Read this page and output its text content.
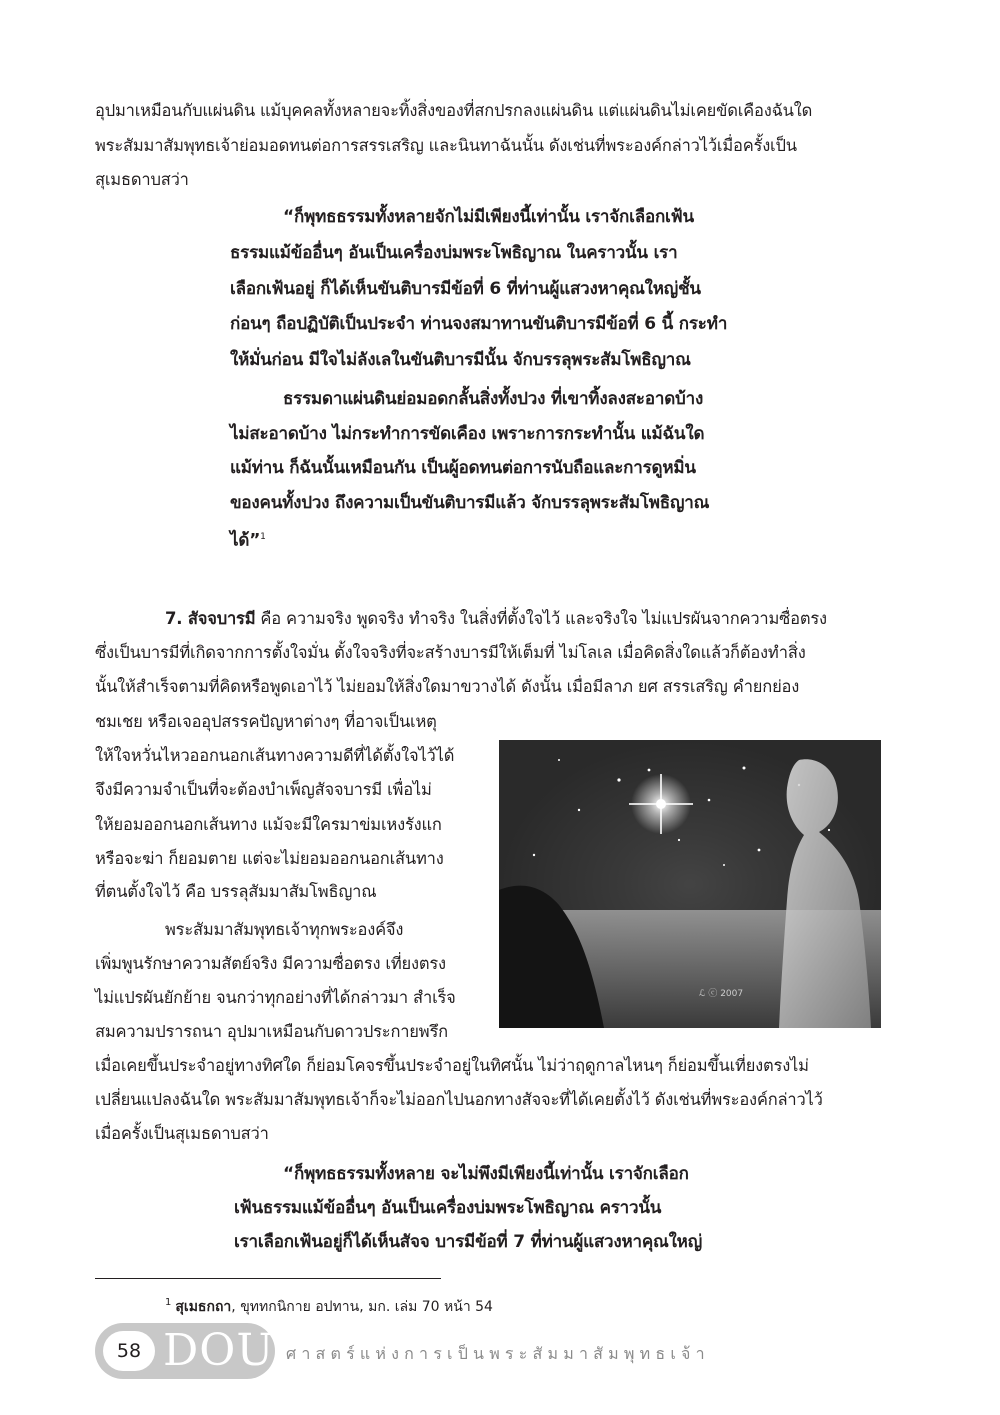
อุปมาเหมือนกับแผ่นดิน แม้บุคคลทั้งหลายจะทิ้งสิ่งของที่สกปรกลงแผ่นดิน แต่แผ่นดินไม่เคยขัดเคืองฉันใด
พระสัมมาสัมพุทธเจ้าย่อมอดทนต่อการสรรเสริญ และนินทาฉันนั้น ดังเช่นที่พระองค์กล่าวไว้เมื่อครั้งเป็น
สุเมธดาบสว่า
“ก็พุทธธรรมทั้งหลายจักไม่มีเพียงนี้เท่านั้น เราจักเลือกเฟ้น
ธรรมแม้ข้ออื่นๆ อันเป็นเครื่องบ่มพระโพธิญาณ ในคราวนั้น เรา
เลือกเฟ้นอยู่ ก็ได้เห็นขันติบารมีข้อที่ 6 ที่ท่านผู้แสวงหาคุณใหญ่ชั้น
ก่อนๆ ถือปฏิบัติเป็นประจำ ท่านจงสมาทานขันติบารมีข้อที่ 6 นี้ กระทำ
ให้มั่นก่อน มีใจไม่ลังเลในขันติบารมีนั้น จักบรรลุพระสัมโพธิญาณ
ธรรมดาแผ่นดินย่อมอดกลั้นสิ่งทั้งปวง ที่เขาทิ้งลงสะอาดบ้าง
ไม่สะอาดบ้าง ไม่กระทำการขัดเคือง เพราะการกระทำนั้น แม้ฉันใด
แม้ท่าน ก็ฉันนั้นเหมือนกัน เป็นผู้อดทนต่อการนับถือและการดูหมิ่น
ของคนทั้งปวง ถึงความเป็นขันติบารมีแล้ว จักบรรลุพระสัมโพธิญาณ
ได้”$^1$
7. สัจจบารมี คือ ความจริง พูดจริง ทำจริง ในสิ่งที่ตั้งใจไว้ และจริงใจ ไม่แปรผันจากความซื่อตรง
ซึ่งเป็นบารมีที่เกิดจากการตั้งใจมั่น ตั้งใจจริงที่จะสร้างบารมีให้เต็มที่ ไม่โลเล เมื่อคิดสิ่งใดแล้วก็ต้องทำสิ่ง
นั้นให้สำเร็จตามที่คิดหรือพูดเอาไว้ ไม่ยอมให้สิ่งใดมาขวางได้ ดังนั้น เมื่อมีลาภ ยศ สรรเสริญ คำยกย่อง
ชมเชย หรือเจออุปสรรคปัญหาต่างๆ ที่อาจเป็นเหตุ
ให้ใจหวั่นไหวออกนอกเส้นทางความดีที่ได้ตั้งใจไว้ได้
จึงมีความจำเป็นที่จะต้องบำเพ็ญสัจจบารมี เพื่อไม่
ให้ยอมออกนอกเส้นทาง แม้จะมีใครมาข่มเหงรังแก
หรือจะฆ่า ก็ยอมตาย แต่จะไม่ยอมออกนอกเส้นทาง
ที่ตนตั้งใจไว้ คือ บรรลุสัมมาสัมโพธิญาณ
พระสัมมาสัมพุทธเจ้าทุกพระองค์จึง
เพิ่มพูนรักษาความสัตย์จริง มีความซื่อตรง เที่ยงตรง
ไม่แปรผันยักย้าย จนกว่าทุกอย่างที่ได้กล่าวมา สำเร็จ
สมความปรารถนา อุปมาเหมือนกับดาวประกายพรึก
เมื่อเคยขึ้นประจำอยู่ทางทิศใด ก็ย่อมโคจรขึ้นประจำอยู่ในทิศนั้น ไม่ว่าฤดูกาลไหนๆ ก็ย่อมขึ้นเที่ยงตรงไม่
เปลี่ยนแปลงฉันใด พระสัมมาสัมพุทธเจ้าก็จะไม่ออกไปนอกทางสัจจะที่ได้เคยตั้งไว้ ดังเช่นที่พระองค์กล่าวไว้
เมื่อครั้งเป็นสุเมธดาบสว่า
“ก็พุทธธรรมทั้งหลาย จะไม่พึงมีเพียงนี้เท่านั้น เราจักเลือก
เฟ้นธรรมแม้ข้ออื่นๆ อันเป็นเครื่องบ่มพระโพธิญาณ คราวนั้น
เราเลือกเฟ้นอยู่ก็ได้เห็นสัจจ บารมีข้อที่ 7 ที่ท่านผู้แสวงหาคุณใหญ่
ℒ ⓒ 2007
$^1$ สุเมธกถา, ขุททกนิกาย อปทาน, มก. เล่ม 70 หน้า 54
58 DOU ศาสตร์แห่งการเป็นพระสัมมาสัมพุทธเจ้า
